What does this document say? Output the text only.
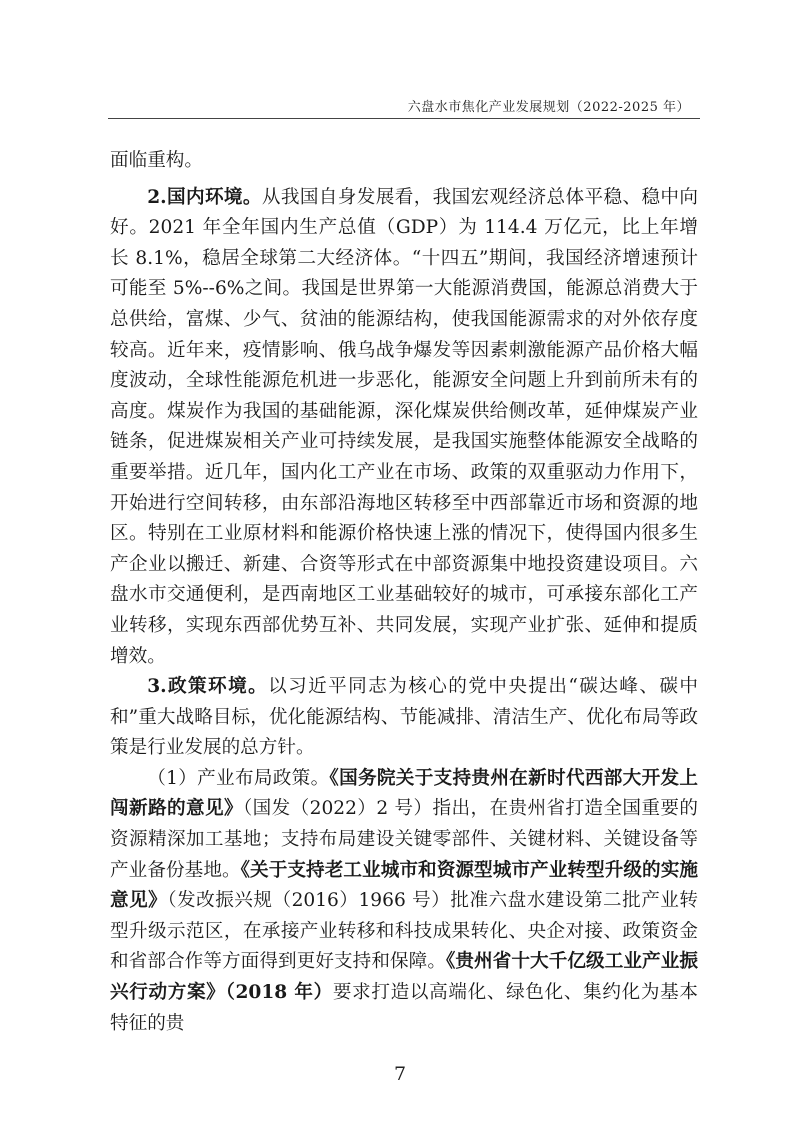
六盘水市焦化产业发展规划（2022-2025 年）

面临重构。

2.国内环境。从我国自身发展看，我国宏观经济总体平稳、稳中向好。2021 年全年国内生产总值（GDP）为 114.4 万亿元，比上年增长 8.1%，稳居全球第二大经济体。“十四五”期间，我国经济增速预计可能至 5%--6%之间。我国是世界第一大能源消费国，能源总消费大于总供给，富煤、少气、贫油的能源结构，使我国能源需求的对外依存度较高。近年来，疫情影响、俄乌战争爆发等因素刺激能源产品价格大幅度波动，全球性能源危机进一步恶化，能源安全问题上升到前所未有的高度。煤炭作为我国的基础能源，深化煤炭供给侧改革，延伸煤炭产业链条，促进煤炭相关产业可持续发展，是我国实施整体能源安全战略的重要举措。近几年，国内化工产业在市场、政策的双重驱动力作用下，开始进行空间转移，由东部沿海地区转移至中西部靠近市场和资源的地区。特别在工业原材料和能源价格快速上涨的情况下，使得国内很多生产企业以搬迁、新建、合资等形式在中部资源集中地投资建设项目。六盘水市交通便利，是西南地区工业基础较好的城市，可承接东部化工产业转移，实现东西部优势互补、共同发展，实现产业扩张、延伸和提质增效。

3.政策环境。以习近平同志为核心的党中央提出“碳达峰、碳中和”重大战略目标，优化能源结构、节能减排、清洁生产、优化布局等政策是行业发展的总方针。

（1）产业布局政策。《国务院关于支持贵州在新时代西部大开发上闯新路的意见》（国发（2022）2 号）指出，在贵州省打造全国重要的资源精深加工基地；支持布局建设关键零部件、关键材料、关键设备等产业备份基地。《关于支持老工业城市和资源型城市产业转型升级的实施意见》（发改振兴规（2016）1966 号）批准六盘水建设第二批产业转型升级示范区，在承接产业转移和科技成果转化、央企对接、政策资金和省部合作等方面得到更好支持和保障。《贵州省十大千亿级工业产业振兴行动方案》（2018 年）要求打造以高端化、绿色化、集约化为基本特征的贵

7
